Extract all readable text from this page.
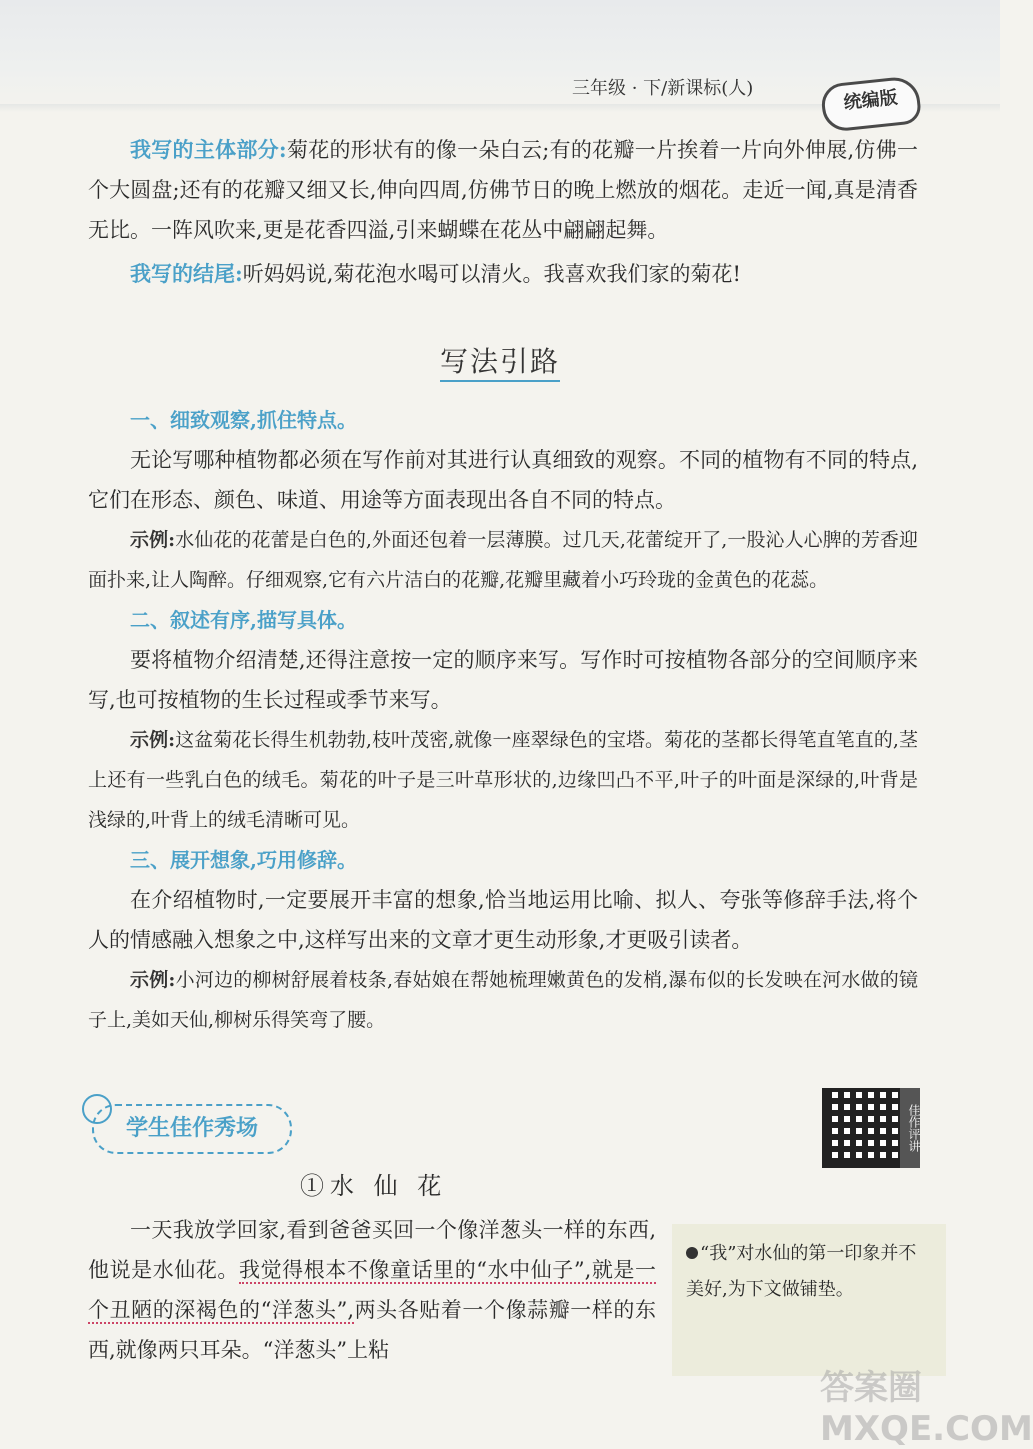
三年级 · 下/新课标(人)	统编版

我写的主体部分:菊花的形状有的像一朵白云;有的花瓣一片挨着一片向外伸展,仿佛一个大圆盘;还有的花瓣又细又长,伸向四周,仿佛节日的晚上燃放的烟花。走近一闻,真是清香无比。一阵风吹来,更是花香四溢,引来蝴蝶在花丛中翩翩起舞。

我写的结尾:听妈妈说,菊花泡水喝可以清火。我喜欢我们家的菊花!

写法引路

一、细致观察,抓住特点。

无论写哪种植物都必须在写作前对其进行认真细致的观察。不同的植物有不同的特点,它们在形态、颜色、味道、用途等方面表现出各自不同的特点。

示例:水仙花的花蕾是白色的,外面还包着一层薄膜。过几天,花蕾绽开了,一股沁人心脾的芳香迎面扑来,让人陶醉。仔细观察,它有六片洁白的花瓣,花瓣里藏着小巧玲珑的金黄色的花蕊。

二、叙述有序,描写具体。

要将植物介绍清楚,还得注意按一定的顺序来写。写作时可按植物各部分的空间顺序来写,也可按植物的生长过程或季节来写。

示例:这盆菊花长得生机勃勃,枝叶茂密,就像一座翠绿色的宝塔。菊花的茎都长得笔直笔直的,茎上还有一些乳白色的绒毛。菊花的叶子是三叶草形状的,边缘凹凸不平,叶子的叶面是深绿的,叶背是浅绿的,叶背上的绒毛清晰可见。

三、展开想象,巧用修辞。

在介绍植物时,一定要展开丰富的想象,恰当地运用比喻、拟人、夸张等修辞手法,将个人的情感融入想象之中,这样写出来的文章才更生动形象,才更吸引读者。

示例:小河边的柳树舒展着枝条,春姑娘在帮她梳理嫩黄色的发梢,瀑布似的长发映在河水做的镜子上,美如天仙,柳树乐得笑弯了腰。

学生佳作秀场	佳作评讲
①水 仙 花

一天我放学回家,看到爸爸买回一个像洋葱头一样的东西,他说是水仙花。我觉得根本不像童话里的“水中仙子”,就是一个丑陋的深褐色的“洋葱头”,两头各贴着一个像蒜瓣一样的东西,就像两只耳朵。“洋葱头”上粘

“我”对水仙的第一印象并不美好,为下文做铺垫。
答案圈 MXQE.COM
